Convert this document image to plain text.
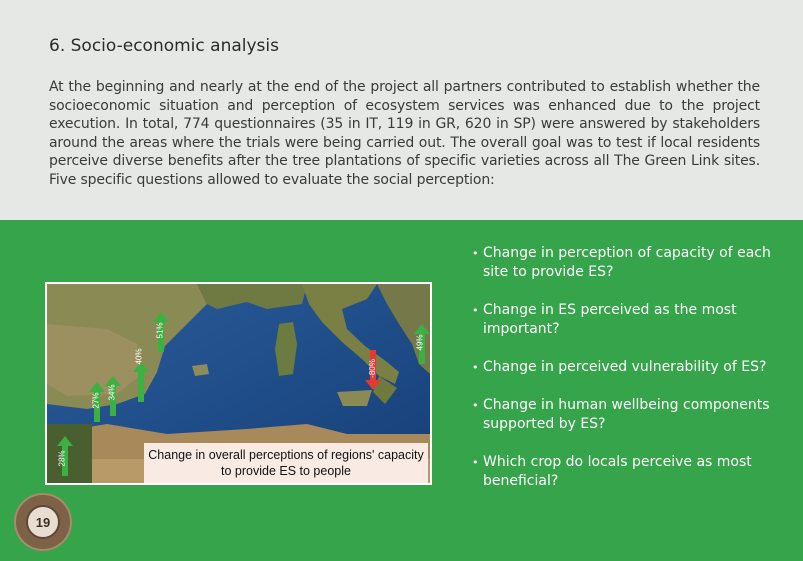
6. Socio-economic analysis
At the beginning and nearly at the end of the project all partners contributed to establish whether the socioeconomic situation and perception of ecosystem services was enhanced due to the project execution. In total, 774 questionnaires (35 in IT, 119 in GR, 620 in SP) were answered by stakeholders around the areas where the trials were being carried out. The overall goal was to test if local residents perceive diverse benefits after the tree plantations of specific varieties across all The Green Link sites. Five specific questions allowed to evaluate the social perception:
28%
34%
40%
51%
27%
-80%
49%
Change in overall perceptions of regions' capacity to provide ES to people
• Change in perception of capacity of each site to provide ES?
• Change in ES perceived as the most important?
• Change in perceived vulnerability of ES?
• Change in human wellbeing components supported by ES?
• Which crop do locals perceive as most beneficial?
19
